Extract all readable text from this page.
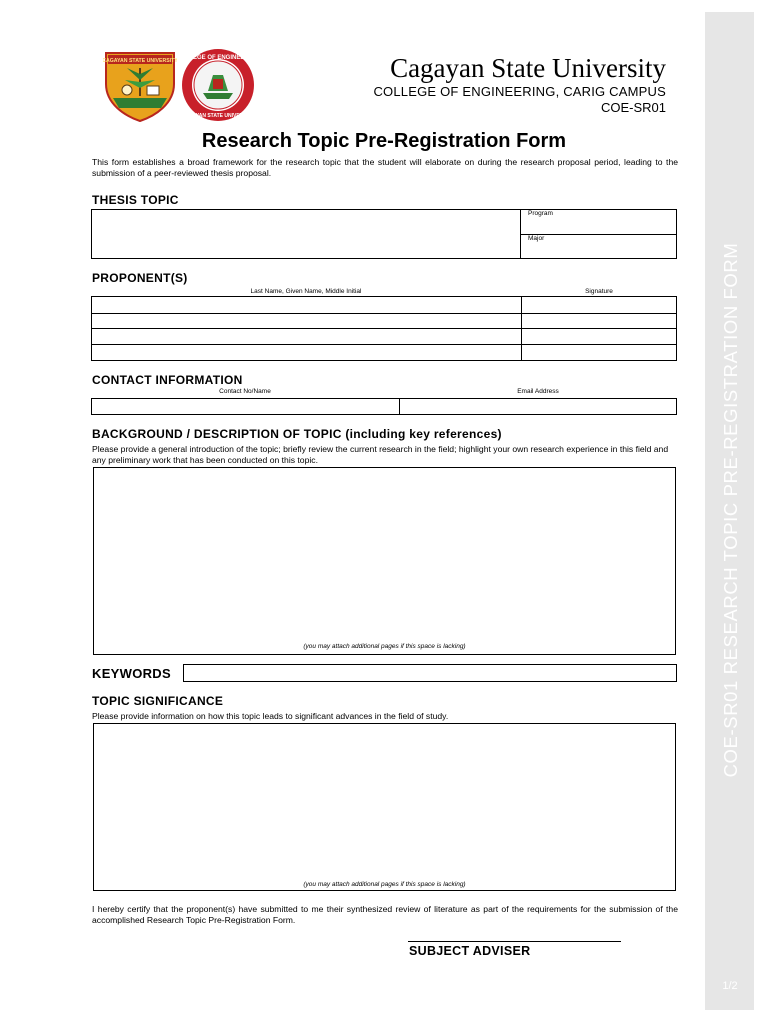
CAGAYAN STATE UNIVERSITY
COLLEGE OF ENGINEERING
CAGAYAN STATE UNIVERSITY
Cagayan State University
COLLEGE OF ENGINEERING, CARIG CAMPUS
COE-SR01
Research Topic Pre-Registration Form
This form establishes a broad framework for the research topic that the student will elaborate on during the research proposal period, leading to the submission of a peer-reviewed thesis proposal.
THESIS TOPIC
Program
Major
PROPONENT(S)
Last Name, Given Name, Middle Initial	Signature
CONTACT INFORMATION
Contact No/Name	Email Address
BACKGROUND / DESCRIPTION OF TOPIC (including key references)
Please provide a general introduction of the topic; briefly review the current research in the field; highlight your own research experience in this field and any preliminary work that has been conducted on this topic.
(you may attach additional pages if this space is lacking)
KEYWORDS
TOPIC SIGNIFICANCE
Please provide information on how this topic leads to significant advances in the field of study.
(you may attach additional pages if this space is lacking)
I hereby certify that the proponent(s) have submitted to me their synthesized review of literature as part of the requirements for the submission of the accomplished Research Topic Pre-Registration Form.
SUBJECT ADVISER
COE-SR01 RESEARCH TOPIC PRE-REGISTRATION FORM
1/2
